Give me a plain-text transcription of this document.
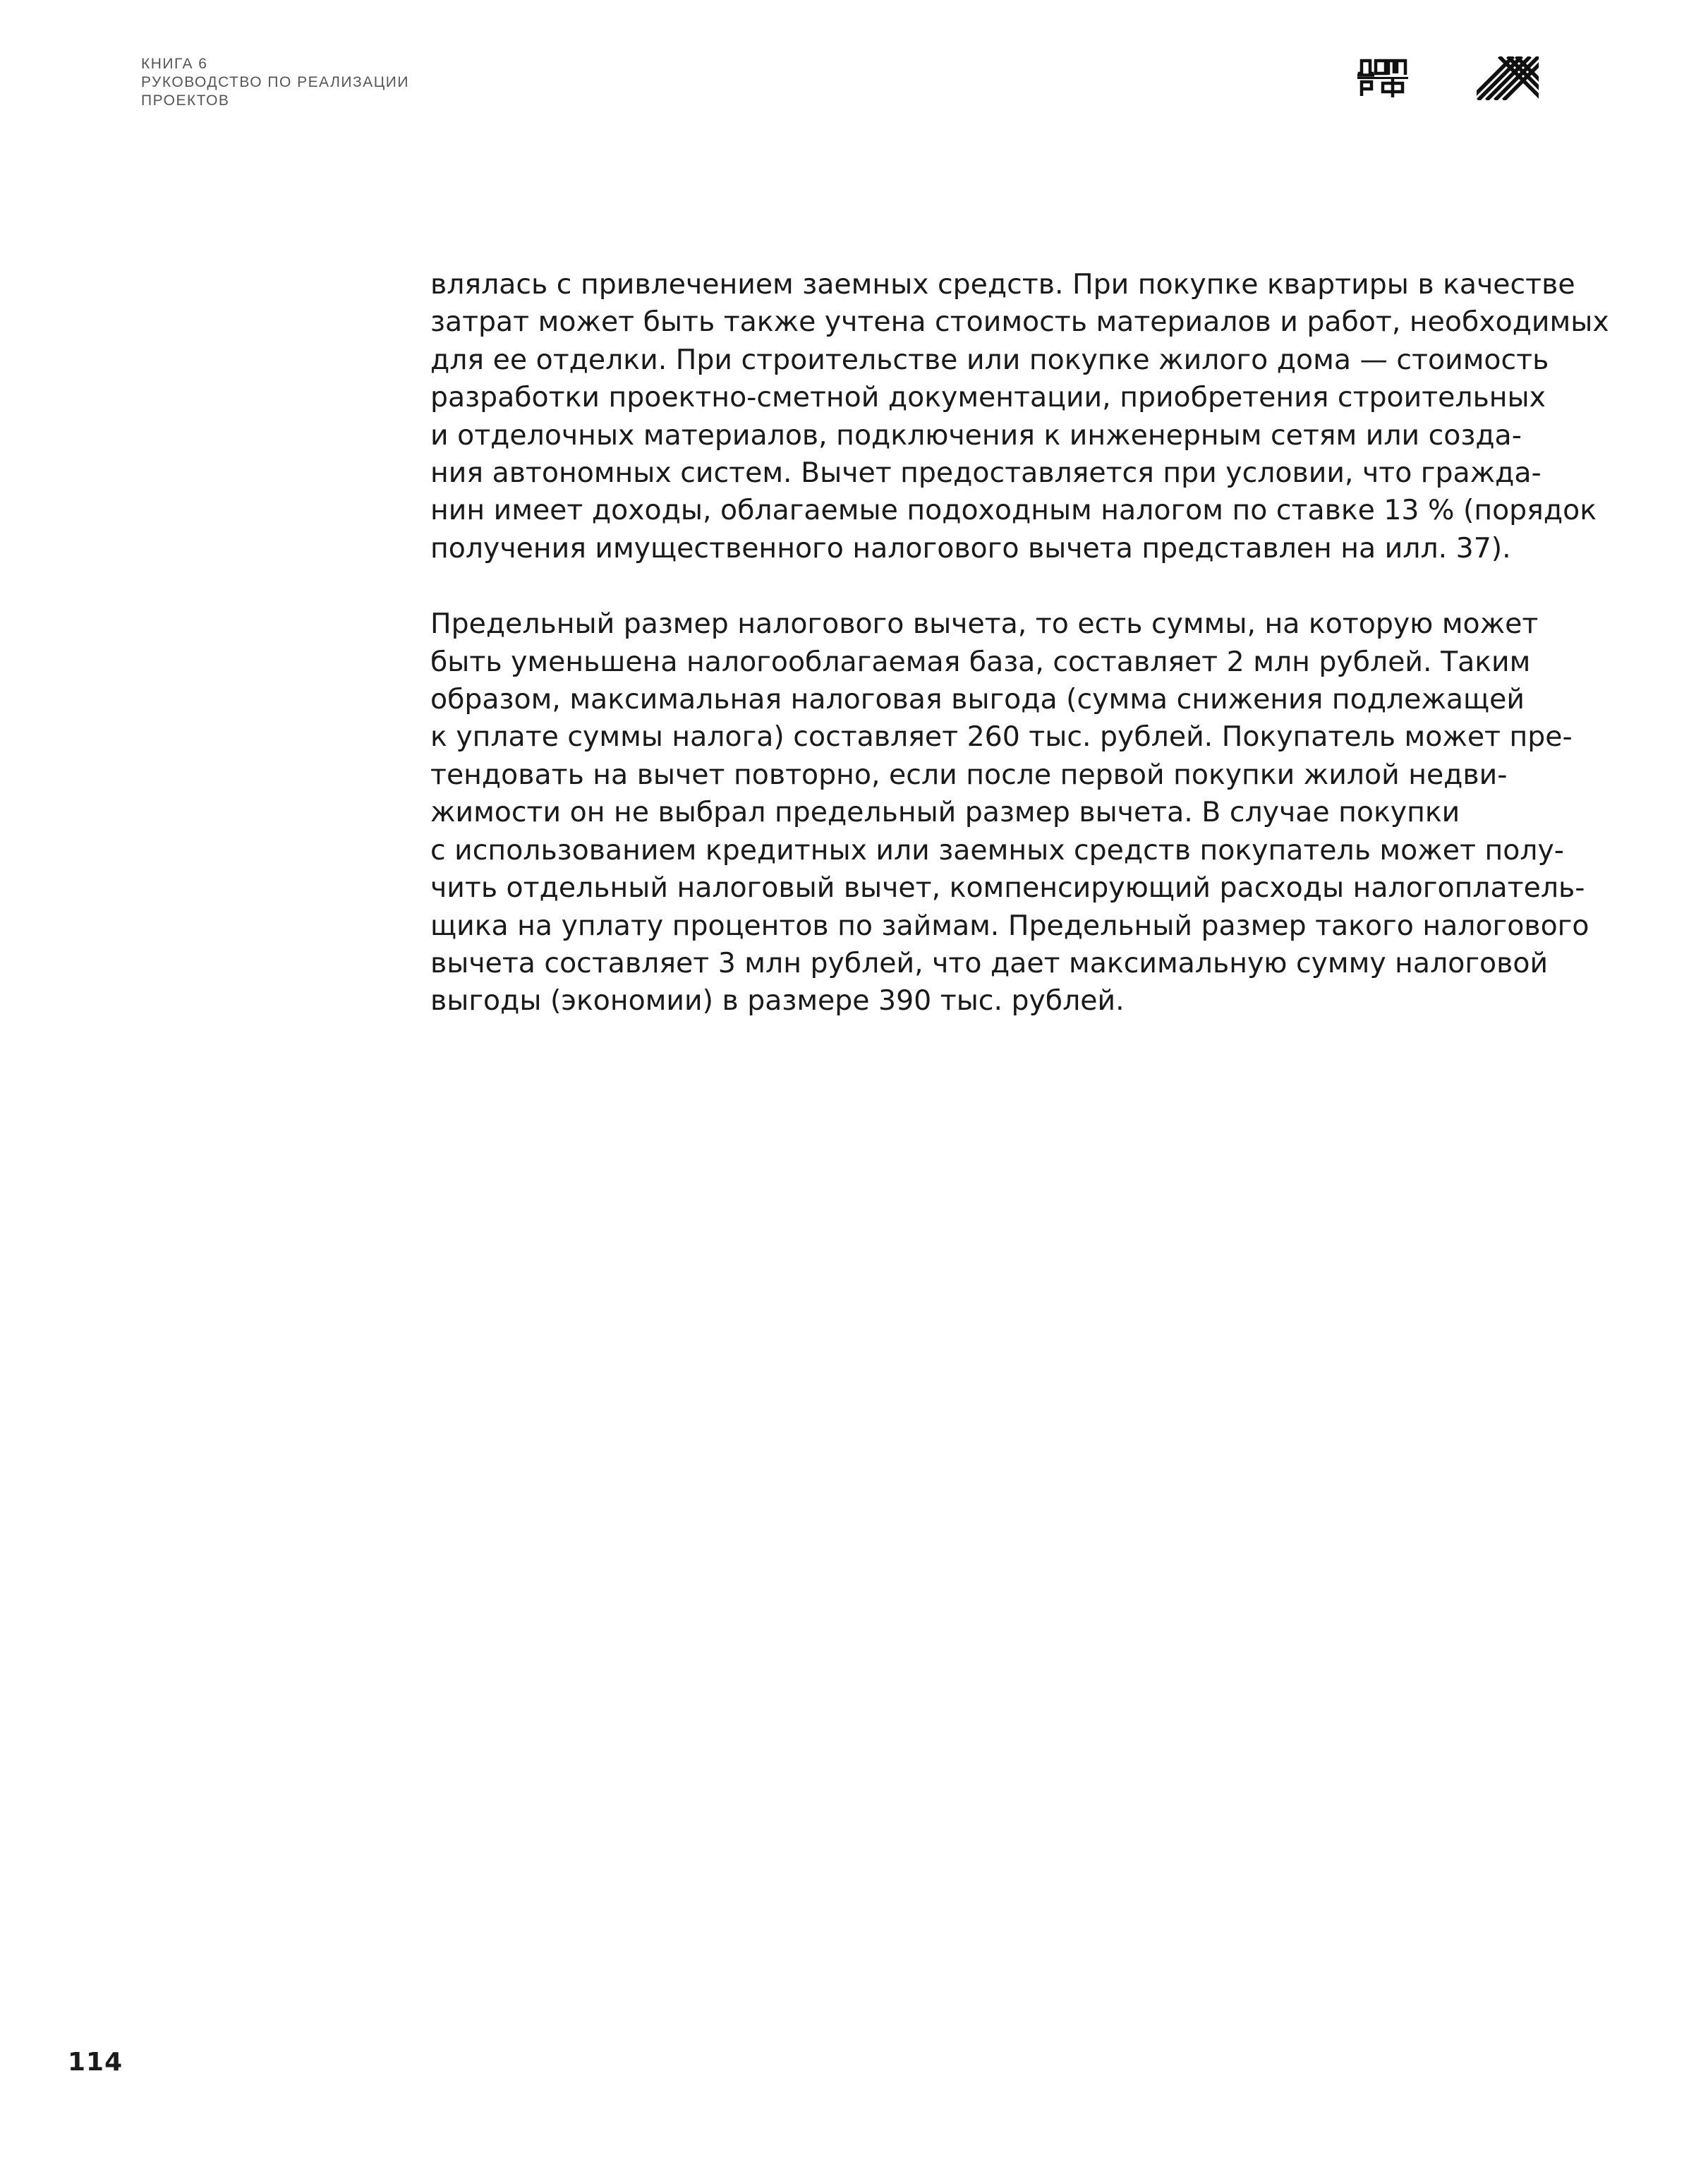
КНИГА 6
РУКОВОДСТВО ПО РЕАЛИЗАЦИИ
ПРОЕКТОВ

влялась с привлечением заемных средств. При покупке квартиры в качестве
затрат может быть также учтена стоимость материалов и работ, необходимых
для ее отделки. При строительстве или покупке жилого дома — стоимость
разработки проектно-сметной документации, приобретения строительных
и отделочных материалов, подключения к инженерным сетям или созда-
ния автономных систем. Вычет предоставляется при условии, что гражда-
нин имеет доходы, облагаемые подоходным налогом по ставке 13 % (порядок
получения имущественного налогового вычета представлен на илл. 37).

Предельный размер налогового вычета, то есть суммы, на которую может
быть уменьшена налогооблагаемая база, составляет 2 млн рублей. Таким
образом, максимальная налоговая выгода (сумма снижения подлежащей
к уплате суммы налога) составляет 260 тыс. рублей. Покупатель может пре-
тендовать на вычет повторно, если после первой покупки жилой недви-
жимости он не выбрал предельный размер вычета. В случае покупки
с использованием кредитных или заемных средств покупатель может полу-
чить отдельный налоговый вычет, компенсирующий расходы налогоплатель-
щика на уплату процентов по займам. Предельный размер такого налогового
вычета составляет 3 млн рублей, что дает максимальную сумму налоговой
выгоды (экономии) в размере 390 тыс. рублей.

114
